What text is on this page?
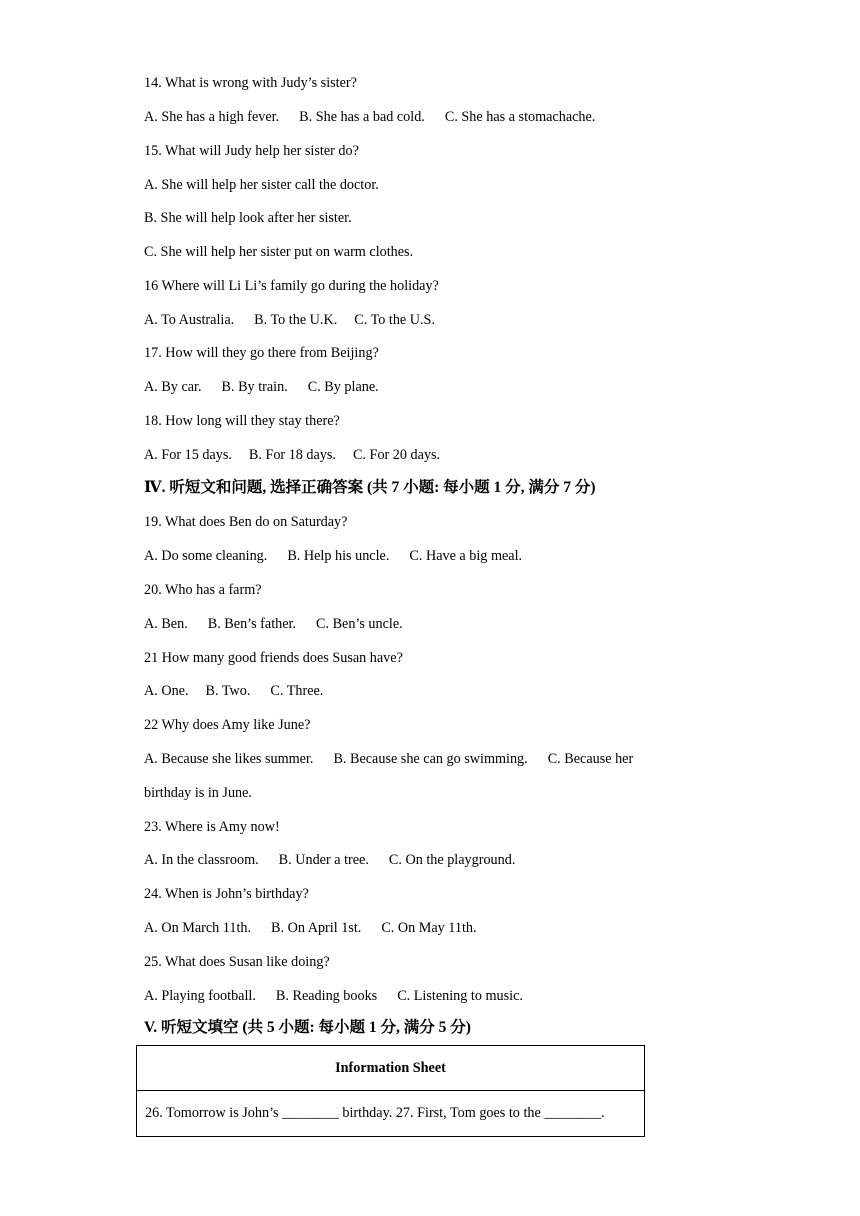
14. What is wrong with Judy’s sister?
A. She has a high fever. B. She has a bad cold. C. She has a stomachache.
15. What will Judy help her sister do?
A. She will help her sister call the doctor.
B. She will help look after her sister.
C. She will help her sister put on warm clothes.
16 Where will Li Li’s family go during the holiday?
A. To Australia. B. To the U.K. C. To the U.S.
17. How will they go there from Beijing?
A. By car. B. By train. C. By plane.
18. How long will they stay there?
A. For 15 days. B. For 18 days. C. For 20 days.
Ⅳ. 听短文和问题, 选择正确答案 (共 7 小题: 每小题 1 分, 满分 7 分)
19. What does Ben do on Saturday?
A. Do some cleaning. B. Help his uncle. C. Have a big meal.
20. Who has a farm?
A. Ben. B. Ben’s father. C. Ben’s uncle.
21 How many good friends does Susan have?
A. One. B. Two. C. Three.
22 Why does Amy like June?
A. Because she likes summer. B. Because she can go swimming. C. Because her
birthday is in June.
23. Where is Amy now!
A. In the classroom. B. Under a tree. C. On the playground.
24. When is John’s birthday?
A. On March 11th. B. On April 1st. C. On May 11th.
25. What does Susan like doing?
A. Playing football. B. Reading books C. Listening to music.
V. 听短文填空 (共 5 小题: 每小题 1 分, 满分 5 分)
Information Sheet
26. Tomorrow is John’s ________ birthday. 27. First, Tom goes to the ________.
